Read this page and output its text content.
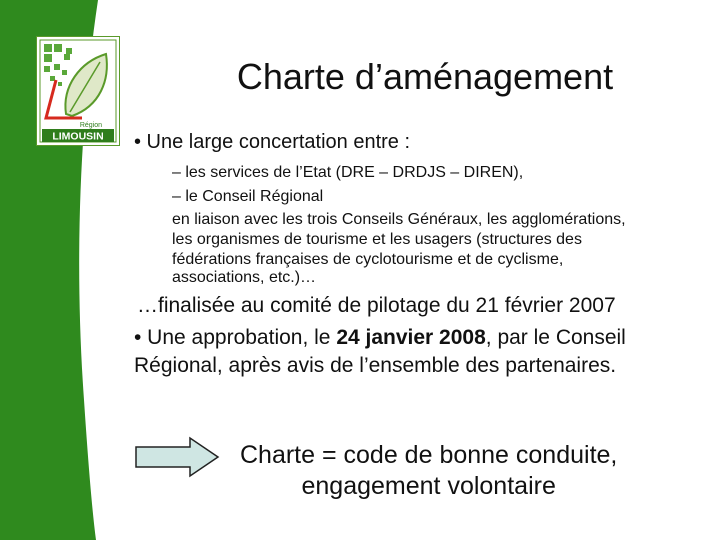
Région
LIMOUSIN
Charte d’aménagement
• Une large concertation entre :
– les services de l’Etat (DRE – DRDJS – DIREN),
– le Conseil Régional
en liaison avec les trois Conseils Généraux, les agglomérations,
les organismes de tourisme et les usagers (structures des
fédérations françaises de cyclotourisme et de cyclisme,
associations, etc.)…
…finalisée au comité de pilotage du 21 février 2007
• Une approbation, le 24 janvier 2008, par le Conseil Régional, après avis de l’ensemble des partenaires.
Charte = code de bonne conduite,
engagement volontaire
